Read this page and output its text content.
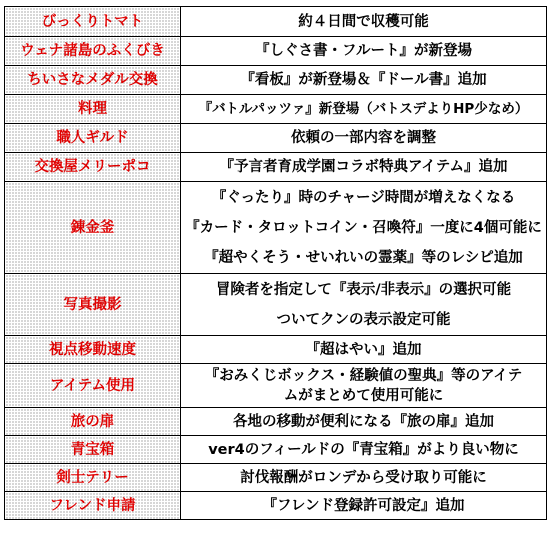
びっくりトマト	約４日間で収穫可能

ウェナ諸島のふくびき	『しぐさ書・フルート』が新登場

ちいさなメダル交換	『看板』が新登場＆『ドール書』追加

料理	『バトルパッツァ』新登場（バトスデよりHP少なめ）

職人ギルド	依頼の一部内容を調整

交換屋メリーポコ	『予言者育成学園コラボ特典アイテム』追加

錬金釜	『ぐったり』時のチャージ時間が増えなくなる
『カード・タロットコイン・召喚符』一度に4個可能に
『超やくそう・せいれいの霊薬』等のレシピ追加

写真撮影	冒険者を指定して『表示/非表示』の選択可能
ついてクンの表示設定可能

視点移動速度	『超はやい』追加

アイテム使用	『おみくじボックス・経験値の聖典』等のアイテ
ムがまとめて使用可能に

旅の扉	各地の移動が便利になる『旅の扉』追加

青宝箱	ver4のフィールドの『青宝箱』がより良い物に

剣士テリー	討伐報酬がロンデから受け取り可能に

フレンド申請	『フレンド登録許可設定』追加
